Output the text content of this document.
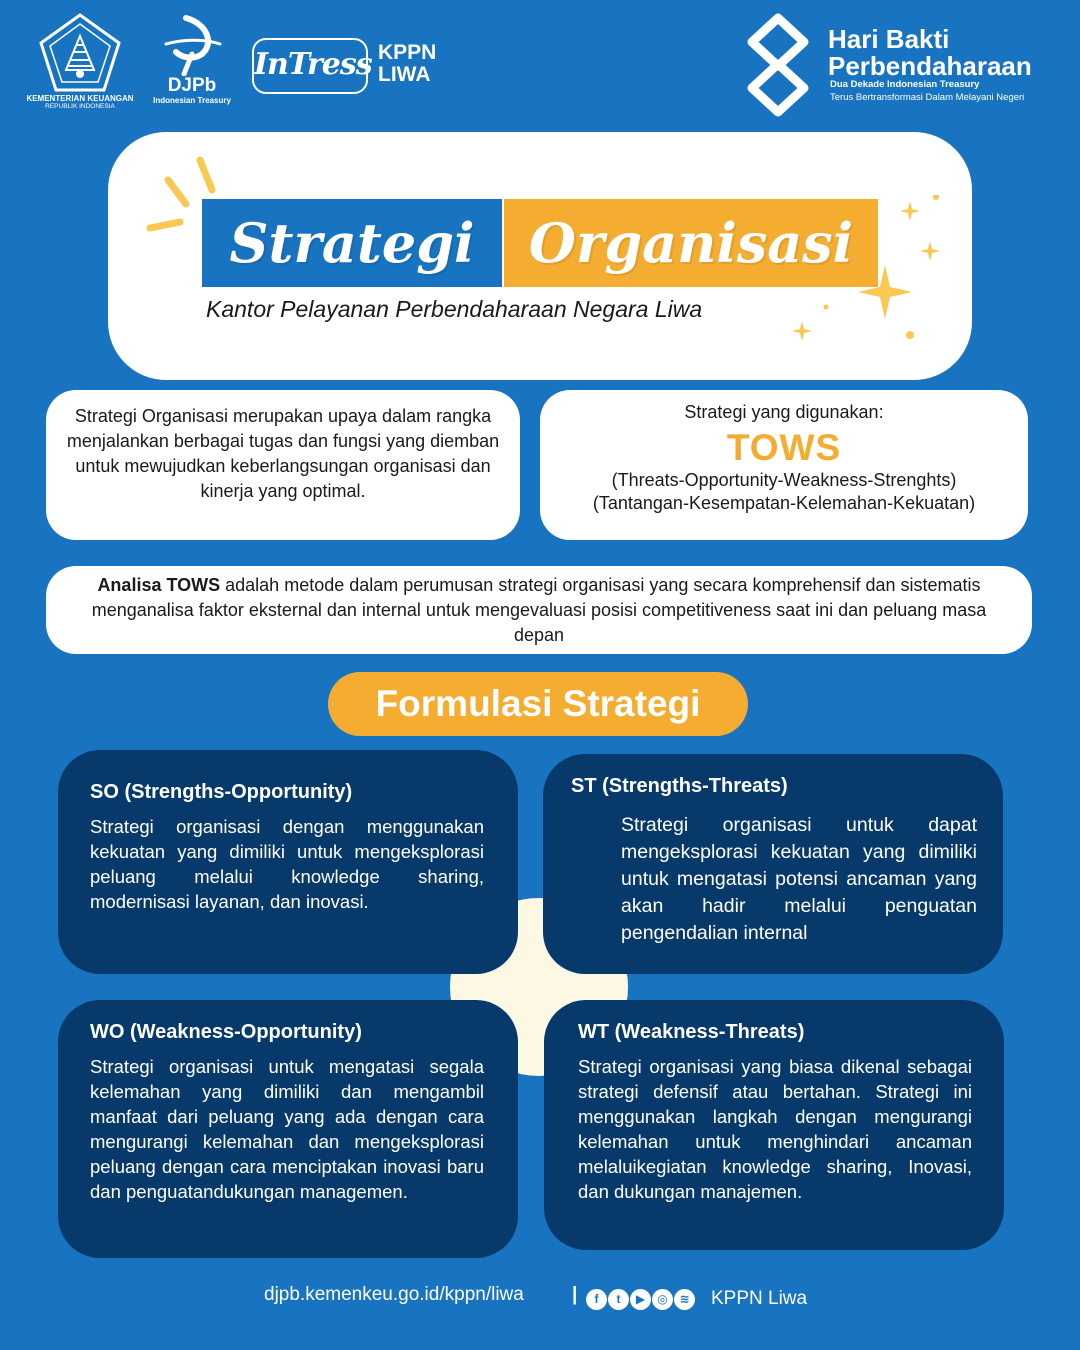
KEMENTERIAN KEUANGAN
REPUBLIK INDONESIA
DJPb
Indonesian Treasury
InTress KPPN
LIWA
Hari Bakti
Perbendaharaan
Dua Dekade Indonesian Treasury
Terus Bertransformasi Dalam Melayani Negeri
Strategi	Organisasi
Kantor Pelayanan Perbendaharaan Negara Liwa
Strategi Organisasi merupakan upaya dalam rangka menjalankan berbagai tugas dan fungsi yang diemban untuk mewujudkan keberlangsungan organisasi dan kinerja yang optimal.
Strategi yang digunakan:
TOWS
(Threats-Opportunity-Weakness-Strenghts)
(Tantangan-Kesempatan-Kelemahan-Kekuatan)
Analisa TOWS adalah metode dalam perumusan strategi organisasi yang secara komprehensif dan sistematis menganalisa faktor eksternal dan internal untuk mengevaluasi posisi competitiveness saat ini dan peluang masa depan
Formulasi Strategi
SO (Strengths-Opportunity)

Strategi organisasi dengan menggunakan kekuatan yang dimiliki untuk mengeksplorasi peluang melalui knowledge sharing, modernisasi layanan, dan inovasi.

ST (Strengths-Threats)

Strategi organisasi untuk dapat mengeksplorasi kekuatan yang dimiliki untuk mengatasi potensi ancaman yang akan hadir melalui penguatan pengendalian internal

WO (Weakness-Opportunity)

Strategi organisasi untuk mengatasi segala kelemahan yang dimiliki dan mengambil manfaat dari peluang yang ada dengan cara mengurangi kelemahan dan mengeksplorasi peluang dengan cara menciptakan inovasi baru dan penguatandukungan managemen.

WT (Weakness-Threats)

Strategi organisasi yang biasa dikenal sebagai strategi defensif atau bertahan. Strategi ini menggunakan langkah dengan mengurangi kelemahan untuk menghindari ancaman melaluikegiatan knowledge sharing, Inovasi, dan dukungan manajemen.

djpb.kemenkeu.go.id/kppn/liwa	|	f t ▶ ◎ ≋	KPPN Liwa
